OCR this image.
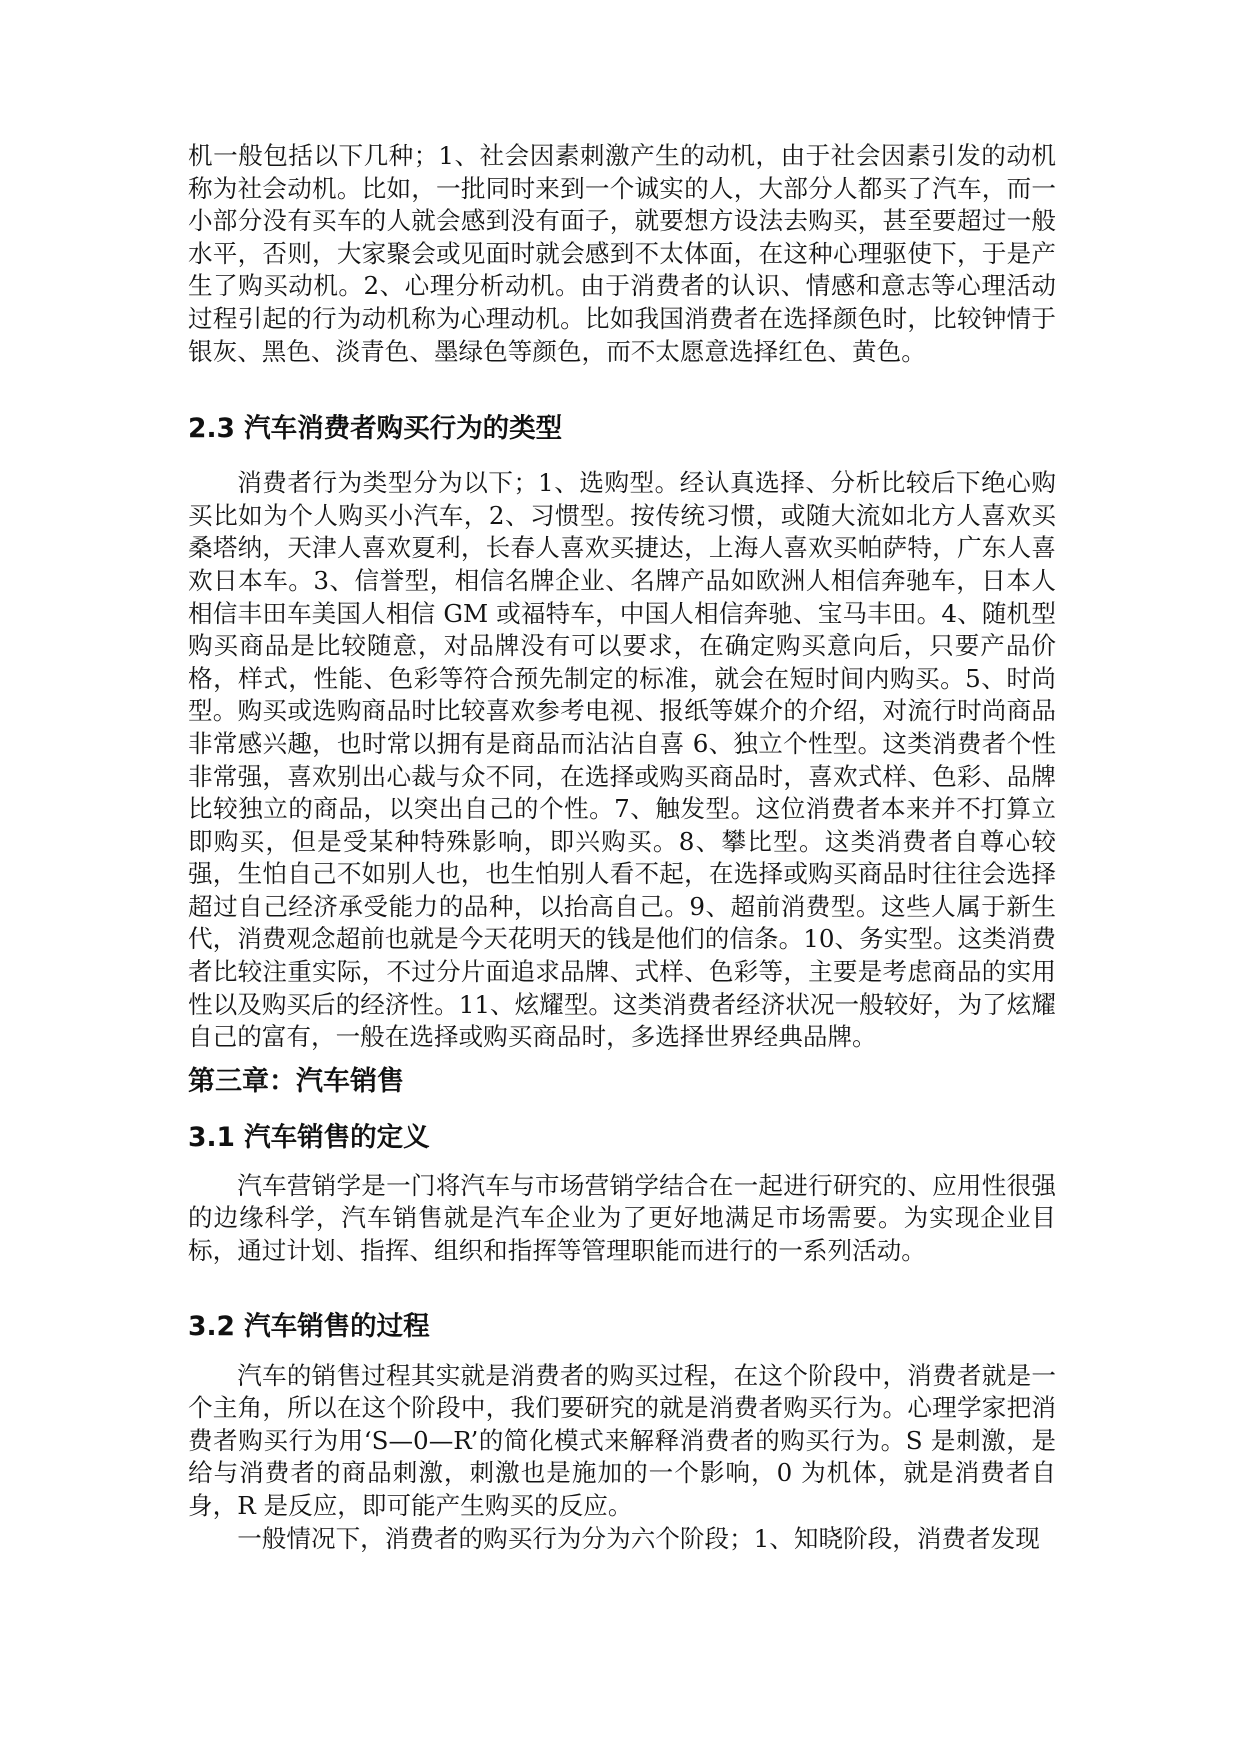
机一般包括以下几种；1、社会因素刺激产生的动机，由于社会因素引发的动机称为社会动机。比如，一批同时来到一个诚实的人，大部分人都买了汽车，而一小部分没有买车的人就会感到没有面子，就要想方设法去购买，甚至要超过一般水平，否则，大家聚会或见面时就会感到不太体面，在这种心理驱使下，于是产生了购买动机。2、心理分析动机。由于消费者的认识、情感和意志等心理活动过程引起的行为动机称为心理动机。比如我国消费者在选择颜色时，比较钟情于银灰、黑色、淡青色、墨绿色等颜色，而不太愿意选择红色、黄色。

2.3 汽车消费者购买行为的类型

消费者行为类型分为以下；1、选购型。经认真选择、分析比较后下绝心购买比如为个人购买小汽车，2、习惯型。按传统习惯，或随大流如北方人喜欢买桑塔纳，天津人喜欢夏利，长春人喜欢买捷达，上海人喜欢买帕萨特，广东人喜欢日本车。3、信誉型，相信名牌企业、名牌产品如欧洲人相信奔驰车，日本人相信丰田车美国人相信 GM 或福特车，中国人相信奔驰、宝马丰田。4、随机型购买商品是比较随意，对品牌没有可以要求，在确定购买意向后，只要产品价格，样式，性能、色彩等符合预先制定的标准，就会在短时间内购买。5、时尚型。购买或选购商品时比较喜欢参考电视、报纸等媒介的介绍，对流行时尚商品非常感兴趣，也时常以拥有是商品而沾沾自喜 6、独立个性型。这类消费者个性非常强，喜欢别出心裁与众不同，在选择或购买商品时，喜欢式样、色彩、品牌比较独立的商品，以突出自己的个性。7、触发型。这位消费者本来并不打算立即购买，但是受某种特殊影响，即兴购买。8、攀比型。这类消费者自尊心较强，生怕自己不如别人也，也生怕别人看不起，在选择或购买商品时往往会选择超过自己经济承受能力的品种，以抬高自己。9、超前消费型。这些人属于新生代，消费观念超前也就是今天花明天的钱是他们的信条。10、务实型。这类消费者比较注重实际，不过分片面追求品牌、式样、色彩等，主要是考虑商品的实用性以及购买后的经济性。11、炫耀型。这类消费者经济状况一般较好，为了炫耀自己的富有，一般在选择或购买商品时，多选择世界经典品牌。

第三章：汽车销售
3.1 汽车销售的定义

汽车营销学是一门将汽车与市场营销学结合在一起进行研究的、应用性很强的边缘科学，汽车销售就是汽车企业为了更好地满足市场需要。为实现企业目标，通过计划、指挥、组织和指挥等管理职能而进行的一系列活动。

3.2 汽车销售的过程

汽车的销售过程其实就是消费者的购买过程，在这个阶段中，消费者就是一个主角，所以在这个阶段中，我们要研究的就是消费者购买行为。心理学家把消费者购买行为用‘S—0—R’的简化模式来解释消费者的购买行为。S 是刺激，是给与消费者的商品刺激，刺激也是施加的一个影响，0 为机体，就是消费者自身，R 是反应，即可能产生购买的反应。

一般情况下，消费者的购买行为分为六个阶段；1、知晓阶段，消费者发现
